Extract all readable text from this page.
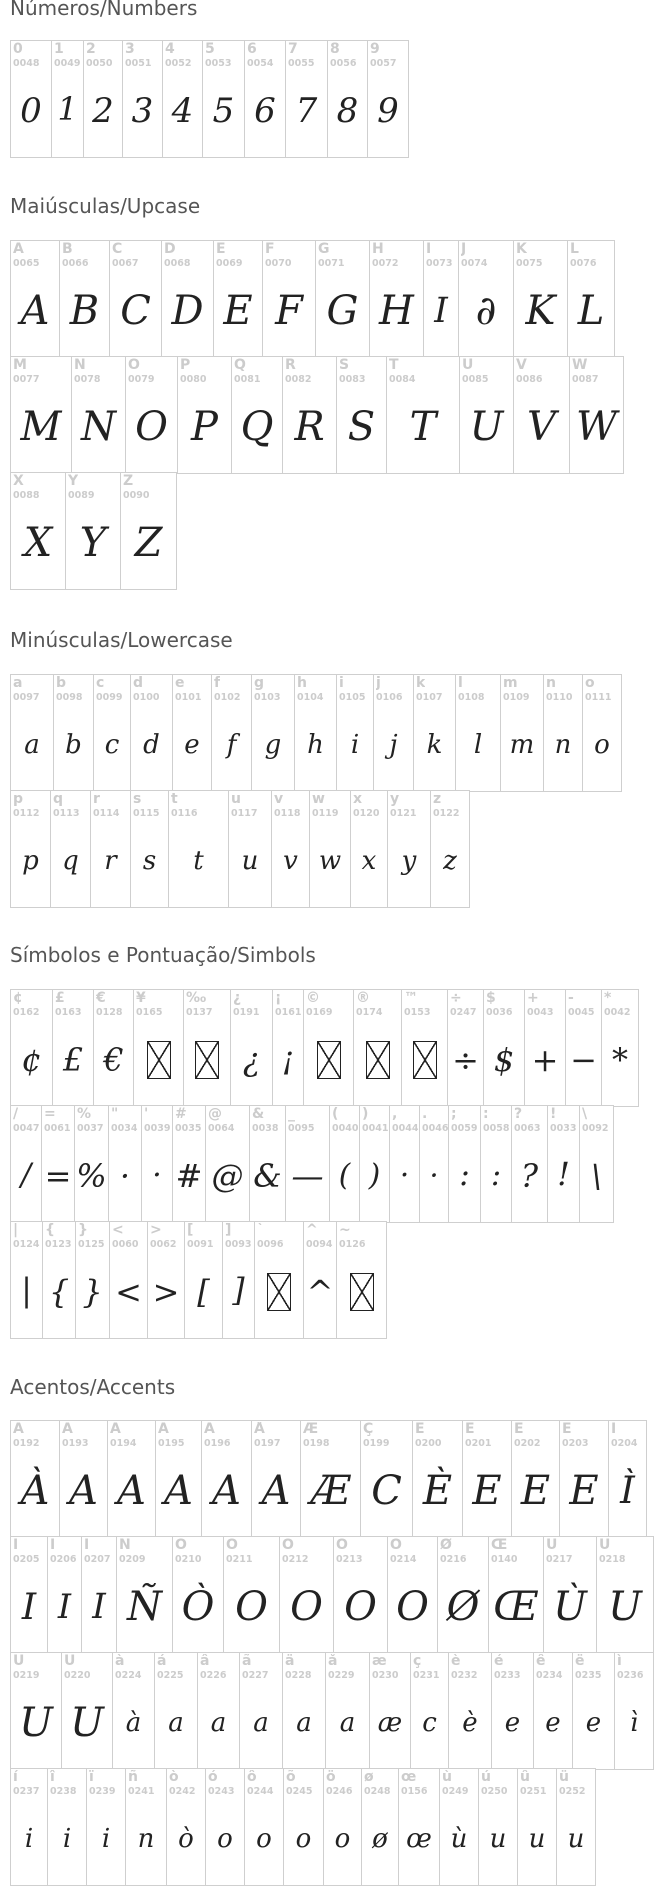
Números/Numbers
0
0048
0
1
0049
1
2
0050
2
3
0051
3
4
0052
4
5
0053
5
6
0054
6
7
0055
7
8
0056
8
9
0057
9
Maiúsculas/Upcase
A
0065
A
B
0066
B
C
0067
C
D
0068
D
E
0069
E
F
0070
F
G
0071
G
H
0072
H
I
0073
I
J
0074
∂
K
0075
K
L
0076
L
M
0077
M
N
0078
N
O
0079
O
P
0080
P
Q
0081
Q
R
0082
R
S
0083
S
T
0084
T
U
0085
U
V
0086
V
W
0087
W
X
0088
X
Y
0089
Y
Z
0090
Z
Minúsculas/Lowercase
a
0097
a
b
0098
b
c
0099
c
d
0100
d
e
0101
e
f
0102
f
g
0103
g
h
0104
h
i
0105
i
j
0106
j
k
0107
k
l
0108
l
m
0109
m
n
0110
n
o
0111
o
p
0112
p
q
0113
q
r
0114
r
s
0115
s
t
0116
t
u
0117
u
v
0118
v
w
0119
w
x
0120
x
y
0121
y
z
0122
z
Símbolos e Pontuação/Simbols
¢
0162
¢
£
0163
£
€
0128
€
¥
0165
‰
0137
¿
0191
¿
¡
0161
¡
©
0169
®
0174
™
0153
÷
0247
÷
$
0036
$
+
0043
+
-
0045
−
*
0042
*
/
0047
/
=
0061
=
%
0037
%
"
0034
·
'
0039
·
#
0035
#
@
0064
@
&
0038
&
_
0095
—
(
0040
(
)
0041
)
,
0044
·
.
0046
·
;
0059
:
:
0058
:
?
0063
?
!
0033
!
\
0092
\
|
0124
|
{
0123
{
}
0125
}
<
0060
<
>
0062
>
[
0091
[
]
0093
]
`
0096
^
0094
^
~
0126
Acentos/Accents
À
0192
À
Á
0193
A
Â
0194
A
Ã
0195
A
Ä
0196
A
Å
0197
A
Æ
0198
Æ
Ç
0199
C
È
0200
È
É
0201
E
Ê
0202
E
Ë
0203
E
Ì
0204
Ì
Í
0205
I
Î
0206
I
Ï
0207
I
Ñ
0209
Ñ
Ò
0210
Ò
Ó
0211
O
Ô
0212
O
Õ
0213
O
Ö
0214
O
Ø
0216
Ø
Œ
0140
Œ
Ù
0217
Ù
Ú
0218
U
Û
0219
U
Ü
0220
U
à
0224
à
á
0225
a
â
0226
a
ã
0227
a
ä
0228
a
å
0229
a
æ
0230
æ
ç
0231
c
è
0232
è
é
0233
e
ê
0234
e
ë
0235
e
ì
0236
ì
í
0237
i
î
0238
i
ï
0239
i
ñ
0241
n
ò
0242
ò
ó
0243
o
ô
0244
o
õ
0245
o
ö
0246
o
ø
0248
ø
œ
0156
œ
ù
0249
ù
ú
0250
u
û
0251
u
ü
0252
u
